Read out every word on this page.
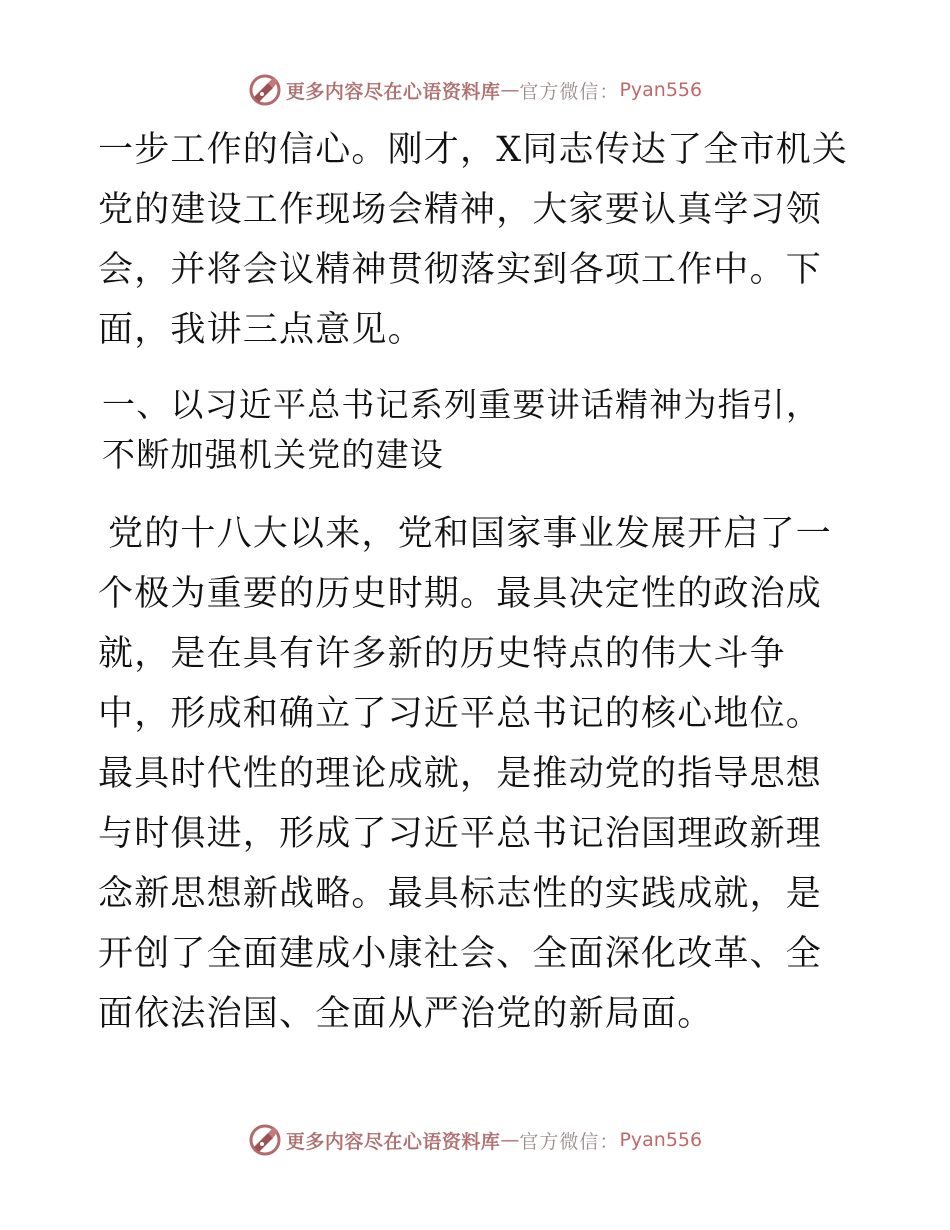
更多内容尽在心语资料库 — 官方微信： Pyan556

一步工作的信心。刚才，X同志传达了全市机关党的建设工作现场会精神，大家要认真学习领会，并将会议精神贯彻落实到各项工作中。下面，我讲三点意见。

一、以习近平总书记系列重要讲话精神为指引，
不断加强机关党的建设

党的十八大以来，党和国家事业发展开启了一个极为重要的历史时期。最具决定性的政治成就，是在具有许多新的历史特点的伟大斗争中，形成和确立了习近平总书记的核心地位。最具时代性的理论成就，是推动党的指导思想与时俱进，形成了习近平总书记治国理政新理念新思想新战略。最具标志性的实践成就，是开创了全面建成小康社会、全面深化改革、全面依法治国、全面从严治党的新局面。

更多内容尽在心语资料库 — 官方微信： Pyan556
